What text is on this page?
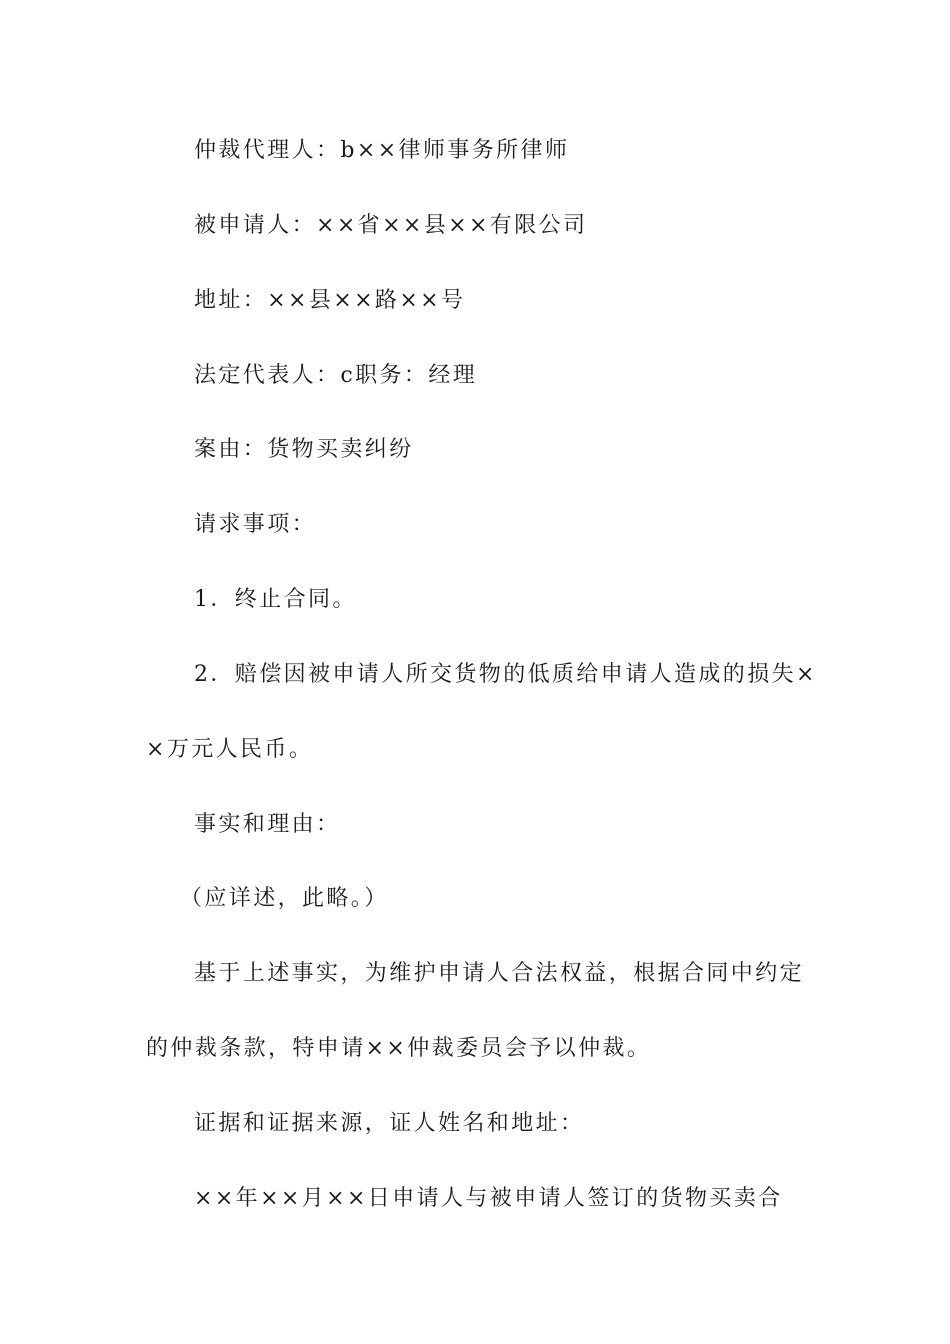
仲裁代理人：b××律师事务所律师
被申请人：××省××县××有限公司
地址：××县××路××号
法定代表人：c职务：经理
案由：货物买卖纠纷
请求事项：
1．终止合同。
2．赔偿因被申请人所交货物的低质给申请人造成的损失×
×万元人民币。
事实和理由：
（应详述，此略。）
基于上述事实，为维护申请人合法权益，根据合同中约定
的仲裁条款，特申请××仲裁委员会予以仲裁。
证据和证据来源，证人姓名和地址：
××年××月××日申请人与被申请人签订的货物买卖合
